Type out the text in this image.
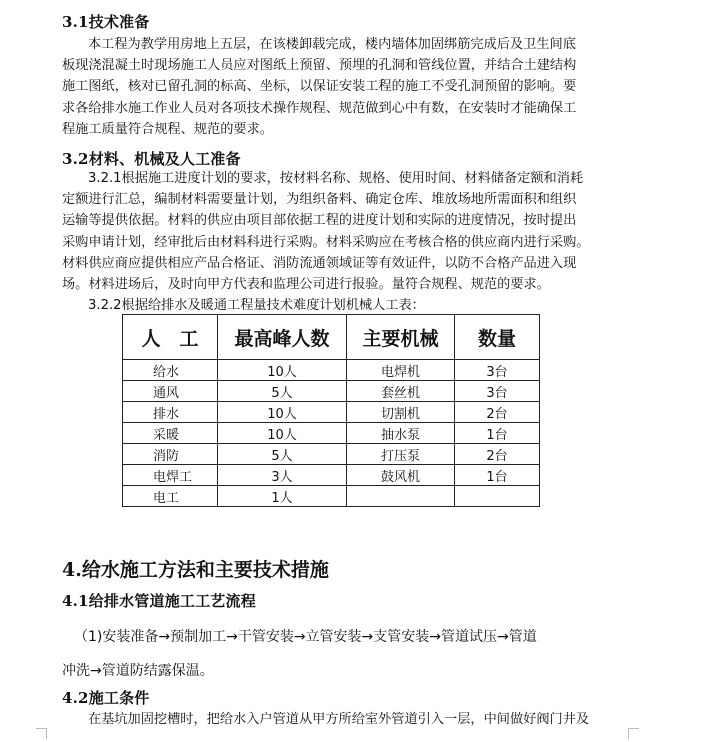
3.1技术准备
本工程为教学用房地上五层，在该楼卸载完成，楼内墙体加固绑筋完成后及卫生间底
板现浇混凝土时现场施工人员应对图纸上预留、预埋的孔洞和管线位置，并结合土建结构
施工图纸，核对已留孔洞的标高、坐标，以保证安装工程的施工不受孔洞预留的影响。要
求各给排水施工作业人员对各项技术操作规程、规范做到心中有数，在安装时才能确保工
程施工质量符合规程、规范的要求。
3.2材料、机械及人工准备
3.2.1根据施工进度计划的要求，按材料名称、规格、使用时间、材料储备定额和消耗
定额进行汇总，编制材料需要量计划，为组织备料、确定仓库、堆放场地所需面积和组织
运输等提供依据。材料的供应由项目部依据工程的进度计划和实际的进度情况，按时提出
采购申请计划，经审批后由材料科进行采购。材料采购应在考核合格的供应商内进行采购。
材料供应商应提供相应产品合格证、消防流通领域证等有效证件，以防不合格产品进入现
场。材料进场后，及时向甲方代表和监理公司进行报验。量符合规程、规范的要求。
3.2.2根据给排水及暖通工程量技术难度计划机械人工表：
人　工	最高峰人数	主要机械	数量
给水	10人	电焊机	3台
通风	5人	套丝机	3台
排水	10人	切割机	2台
采暖	10人	抽水泵	1台
消防	5人	打压泵	2台
电焊工	3人	鼓风机	1台
电工	1人		
4.给水施工方法和主要技术措施
4.1给排水管道施工工艺流程
（1)安装准备→预制加工→干管安装→立管安装→支管安装→管道试压→管道
冲洗→管道防结露保温。
4.2施工条件
在基坑加固挖槽时，把给水入户管道从甲方所给室外管道引入一层，中间做好阀门井及
